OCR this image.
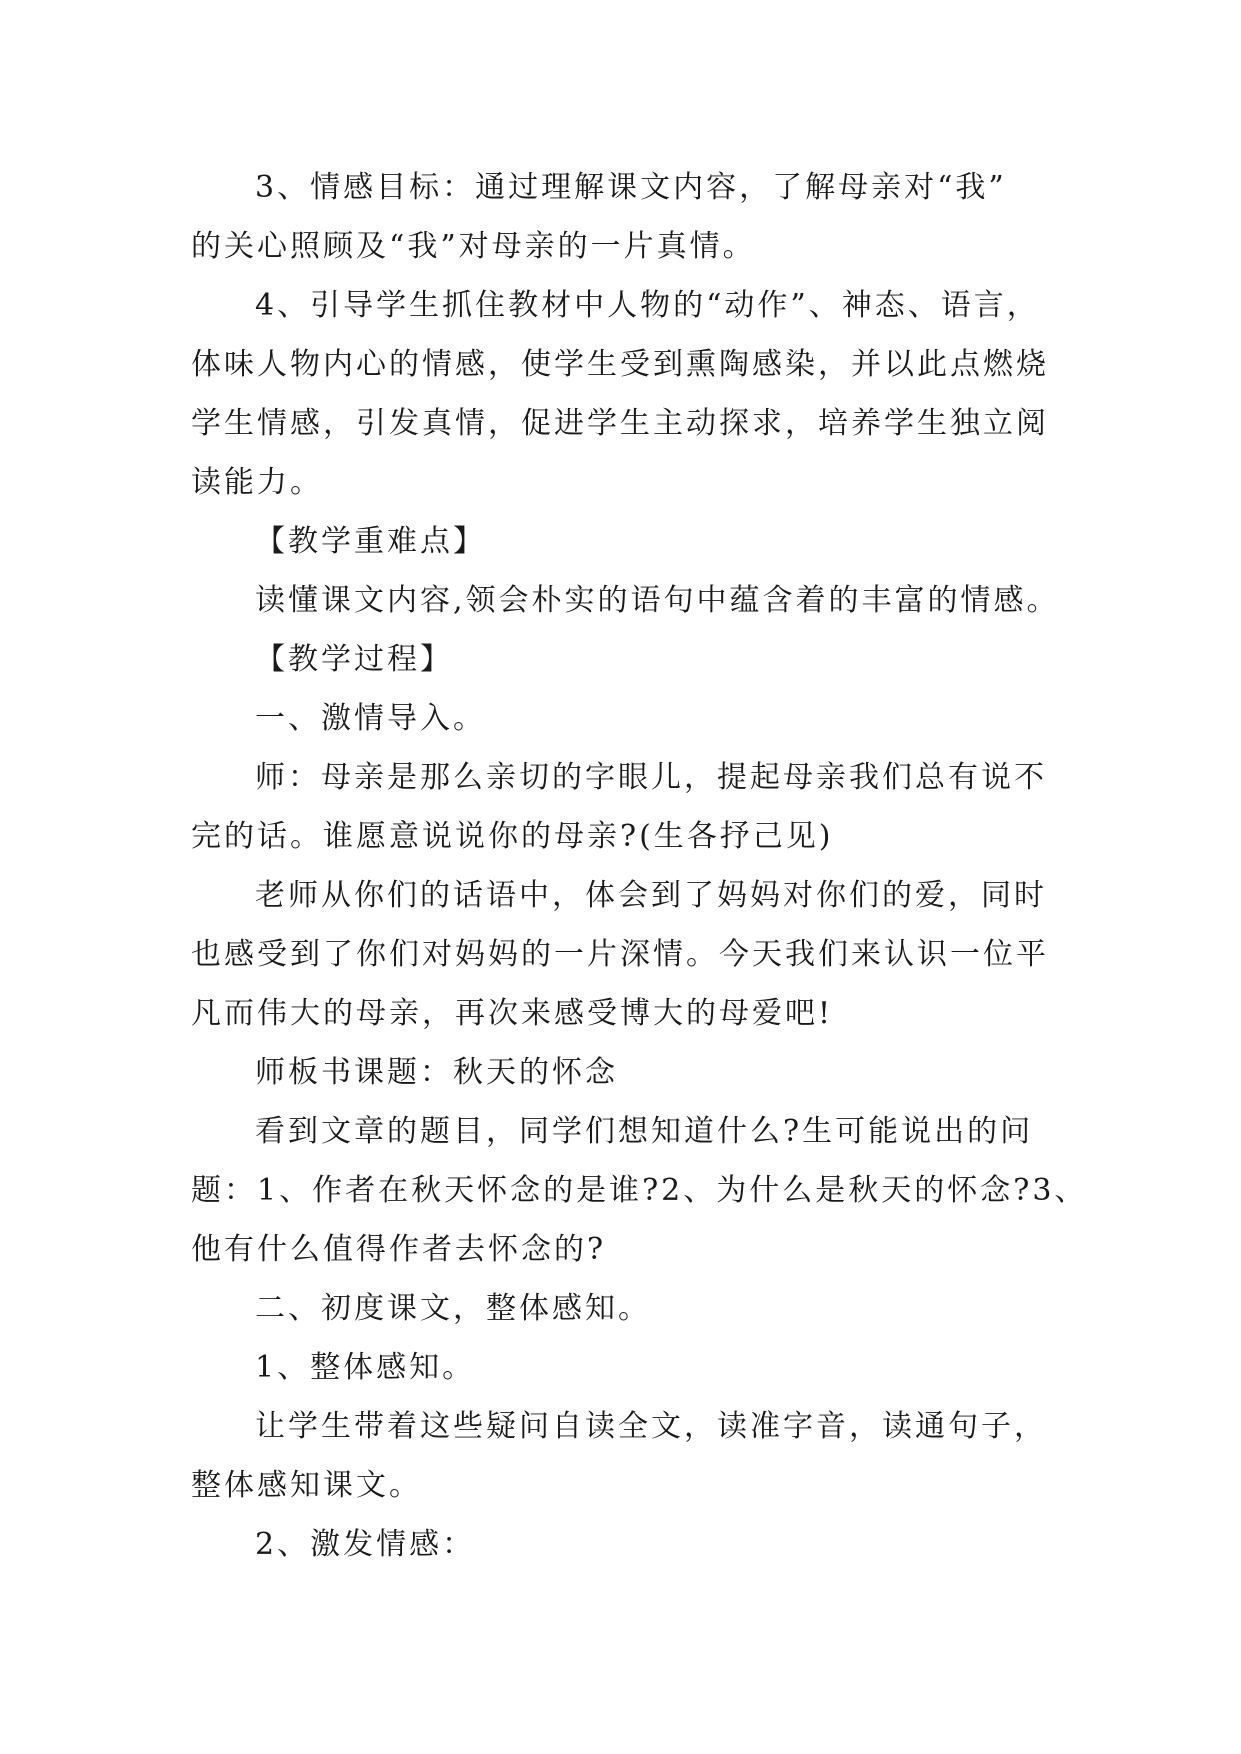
3、情感目标：通过理解课文内容，了解母亲对“我”
的关心照顾及“我”对母亲的一片真情。

4、引导学生抓住教材中人物的“动作”、神态、语言，
体味人物内心的情感，使学生受到熏陶感染，并以此点燃烧
学生情感，引发真情，促进学生主动探求，培养学生独立阅
读能力。

【教学重难点】

读懂课文内容,领会朴实的语句中蕴含着的丰富的情感。

【教学过程】

一、激情导入。

师：母亲是那么亲切的字眼儿，提起母亲我们总有说不
完的话。谁愿意说说你的母亲?(生各抒己见)

老师从你们的话语中，体会到了妈妈对你们的爱，同时
也感受到了你们对妈妈的一片深情。今天我们来认识一位平
凡而伟大的母亲，再次来感受博大的母爱吧!

师板书课题：秋天的怀念

看到文章的题目，同学们想知道什么?生可能说出的问
题：1、作者在秋天怀念的是谁?2、为什么是秋天的怀念?3、
他有什么值得作者去怀念的?

二、初度课文，整体感知。

1、整体感知。

让学生带着这些疑问自读全文，读准字音，读通句子，
整体感知课文。

2、激发情感：
